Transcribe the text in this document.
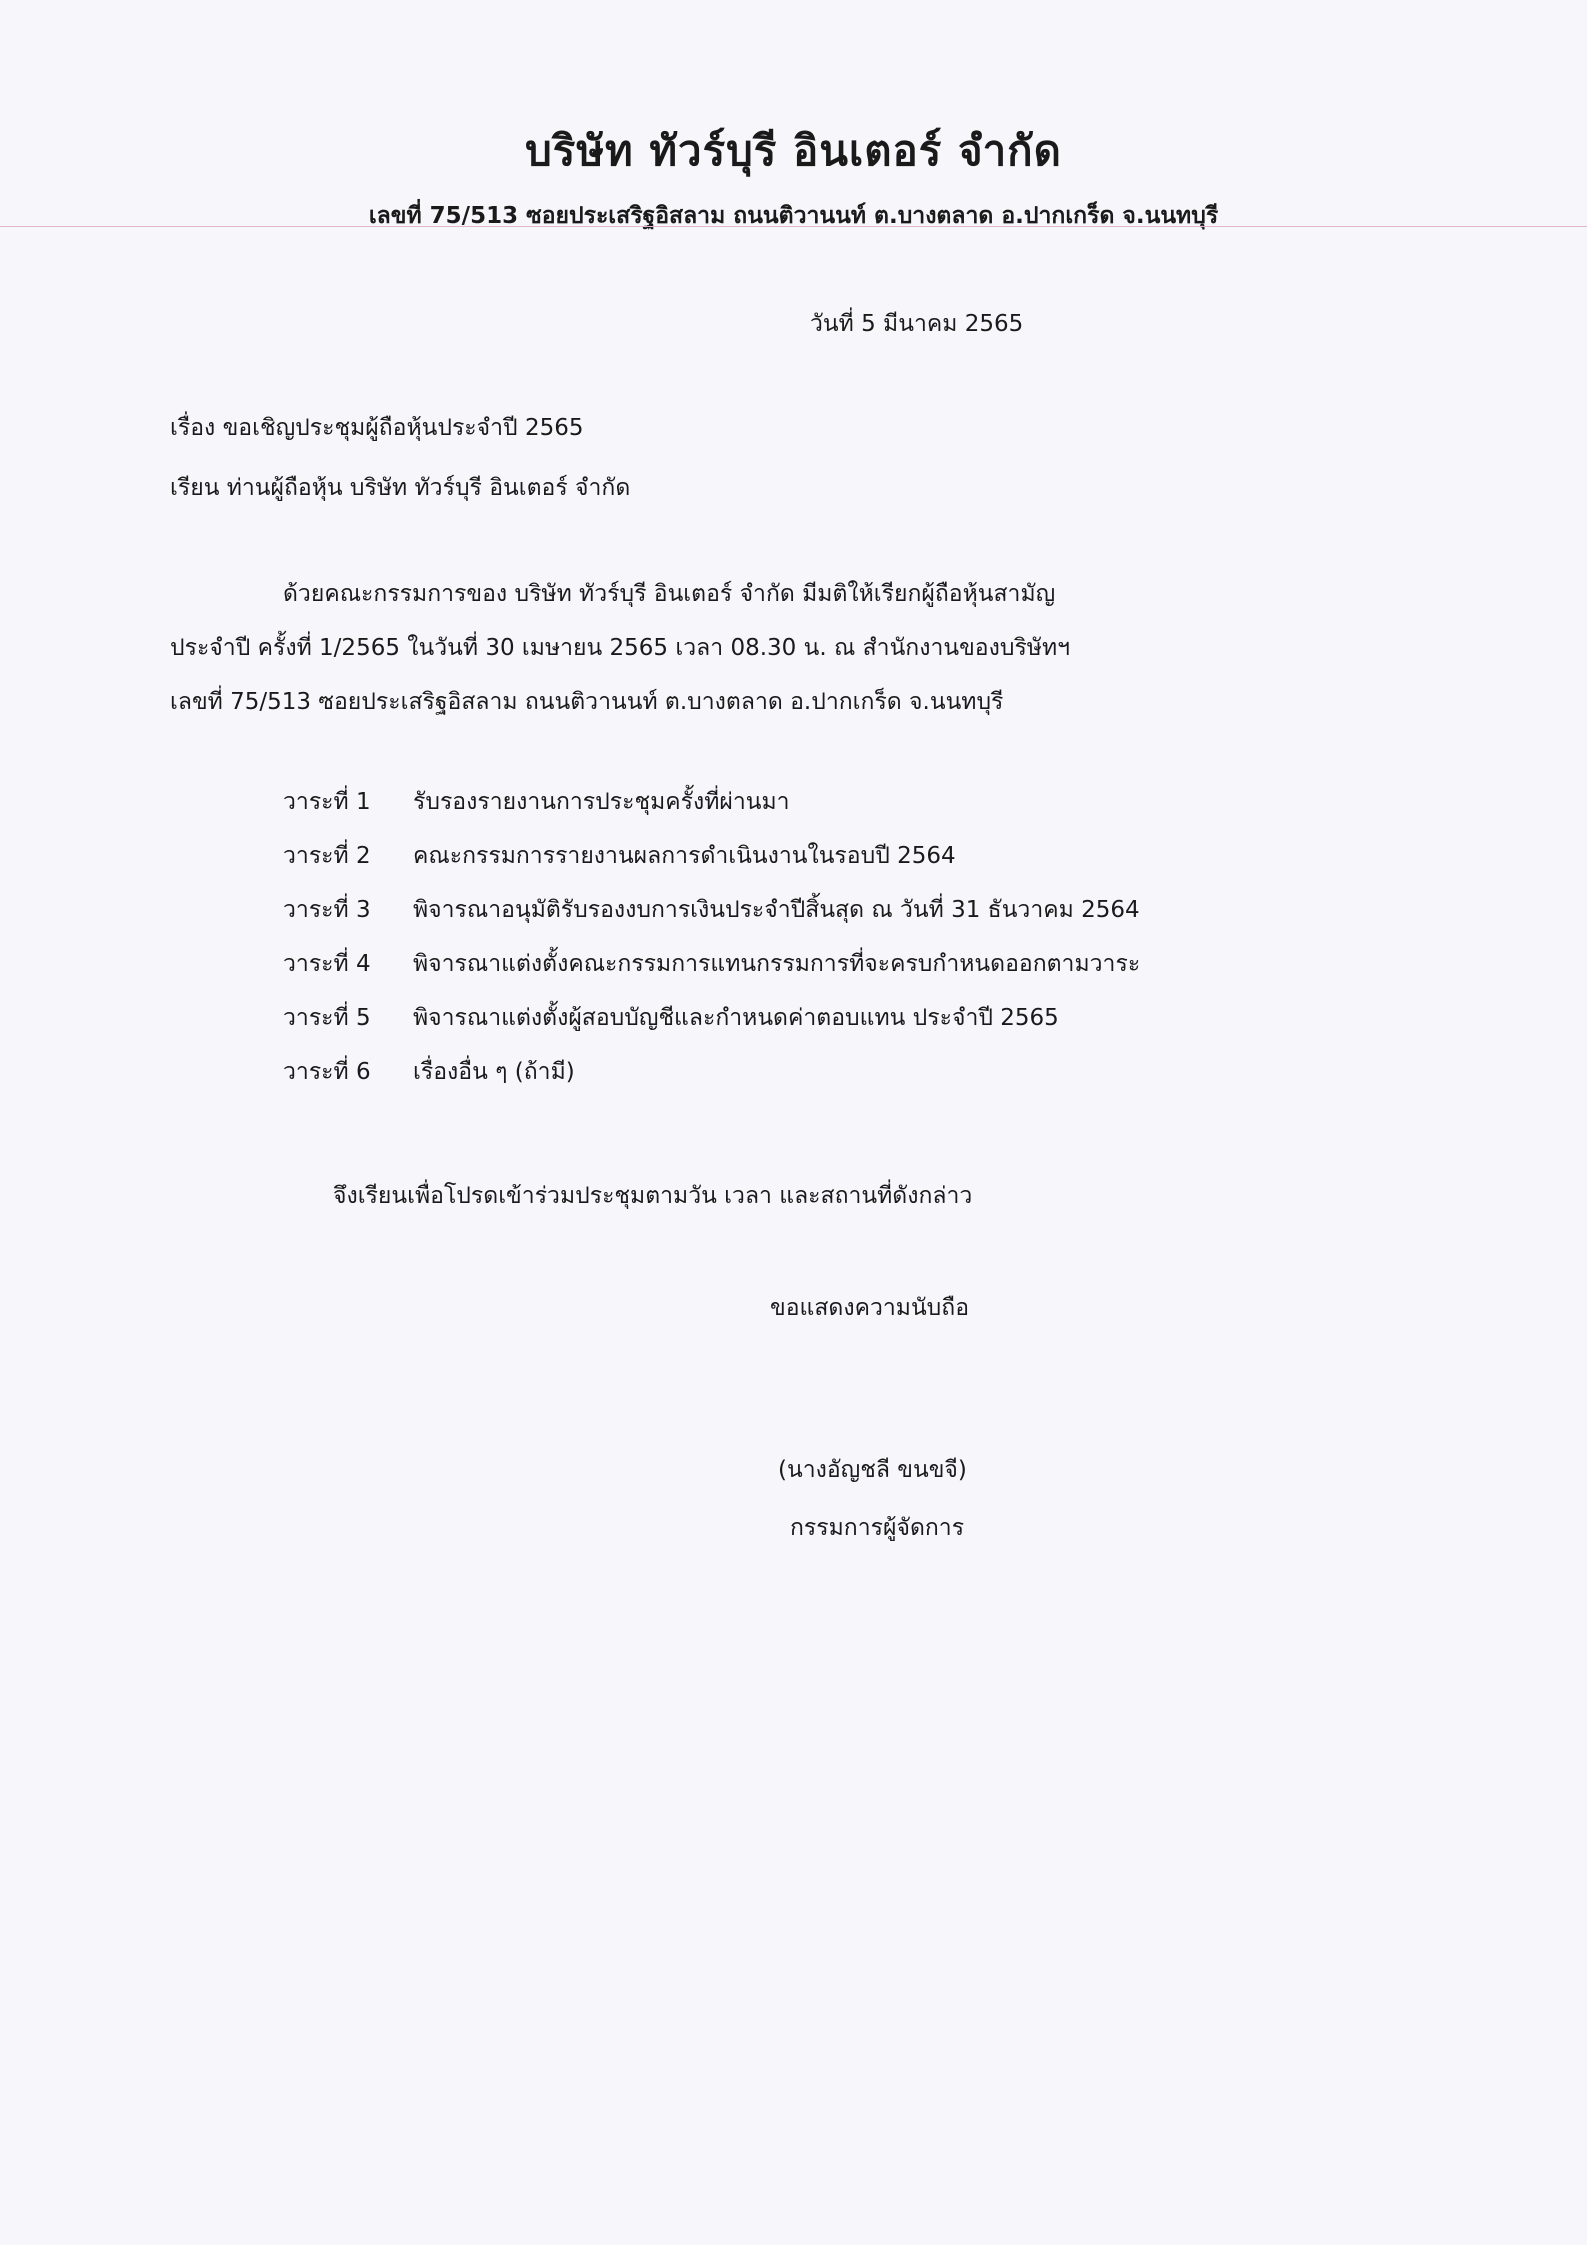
บริษัท ทัวร์บุรี อินเตอร์ จำกัด
เลขที่ 75/513 ซอยประเสริฐอิสลาม ถนนติวานนท์ ต.บางตลาด อ.ปากเกร็ด จ.นนทบุรี
วันที่ 5 มีนาคม 2565
เรื่อง ขอเชิญประชุมผู้ถือหุ้นประจำปี 2565
เรียน ท่านผู้ถือหุ้น บริษัท ทัวร์บุรี อินเตอร์ จำกัด
ด้วยคณะกรรมการของ บริษัท ทัวร์บุรี อินเตอร์ จำกัด มีมติให้เรียกผู้ถือหุ้นสามัญ
ประจำปี ครั้งที่ 1/2565 ในวันที่ 30 เมษายน 2565 เวลา 08.30 น. ณ สำนักงานของบริษัทฯ
เลขที่ 75/513 ซอยประเสริฐอิสลาม ถนนติวานนท์ ต.บางตลาด อ.ปากเกร็ด จ.นนทบุรี
วาระที่ 1 รับรองรายงานการประชุมครั้งที่ผ่านมา
วาระที่ 2 คณะกรรมการรายงานผลการดำเนินงานในรอบปี 2564
วาระที่ 3 พิจารณาอนุมัติรับรองงบการเงินประจำปีสิ้นสุด ณ วันที่ 31 ธันวาคม 2564
วาระที่ 4 พิจารณาแต่งตั้งคณะกรรมการแทนกรรมการที่จะครบกำหนดออกตามวาระ
วาระที่ 5 พิจารณาแต่งตั้งผู้สอบบัญชีและกำหนดค่าตอบแทน ประจำปี 2565
วาระที่ 6 เรื่องอื่น ๆ (ถ้ามี)
จึงเรียนเพื่อโปรดเข้าร่วมประชุมตามวัน เวลา และสถานที่ดังกล่าว
ขอแสดงความนับถือ
(นางอัญชลี ขนขจี)
กรรมการผู้จัดการ
